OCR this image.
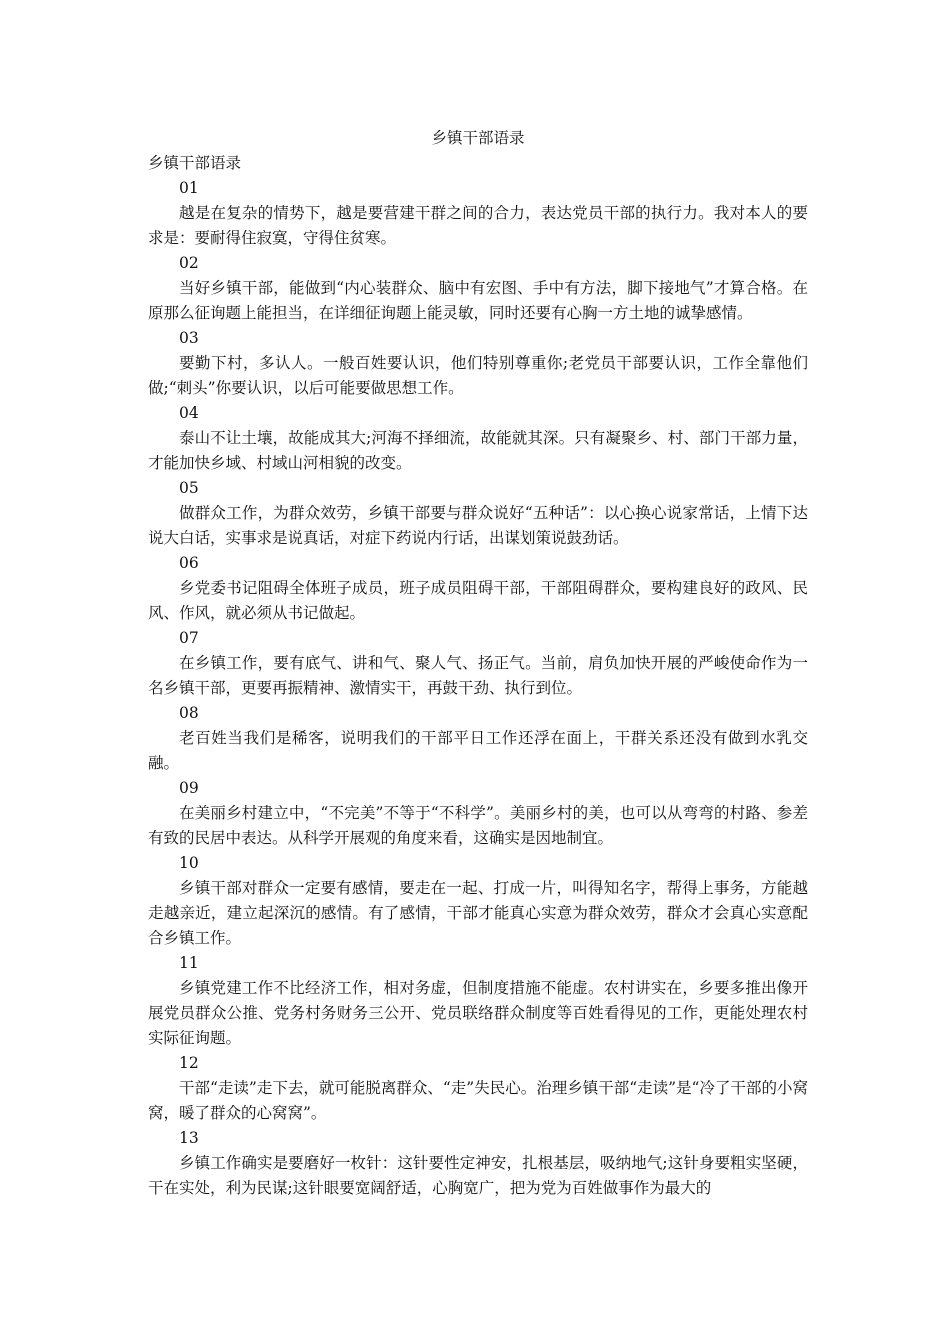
乡镇干部语录
乡镇干部语录
01

越是在复杂的情势下，越是要营建干群之间的合力，表达党员干部的执行力。我对本人的要求是：要耐得住寂寞，守得住贫寒。

02

当好乡镇干部，能做到“内心装群众、脑中有宏图、手中有方法，脚下接地气”才算合格。在原那么征询题上能担当，在详细征询题上能灵敏，同时还要有心胸一方土地的诚挚感情。

03

要勤下村，多认人。一般百姓要认识，他们特别尊重你;老党员干部要认识，工作全靠他们做;“刺头”你要认识，以后可能要做思想工作。

04

泰山不让土壤，故能成其大;河海不择细流，故能就其深。只有凝聚乡、村、部门干部力量，才能加快乡域、村域山河相貌的改变。

05

做群众工作，为群众效劳，乡镇干部要与群众说好“五种话”：以心换心说家常话，上情下达说大白话，实事求是说真话，对症下药说内行话，出谋划策说鼓劲话。

06

乡党委书记阻碍全体班子成员，班子成员阻碍干部，干部阻碍群众，要构建良好的政风、民风、作风，就必须从书记做起。

07

在乡镇工作，要有底气、讲和气、聚人气、扬正气。当前，肩负加快开展的严峻使命作为一名乡镇干部，更要再振精神、激情实干，再鼓干劲、执行到位。

08

老百姓当我们是稀客，说明我们的干部平日工作还浮在面上，干群关系还没有做到水乳交融。

09

在美丽乡村建立中，“不完美”不等于“不科学”。美丽乡村的美，也可以从弯弯的村路、参差有致的民居中表达。从科学开展观的角度来看，这确实是因地制宜。

10

乡镇干部对群众一定要有感情，要走在一起、打成一片，叫得知名字，帮得上事务，方能越走越亲近，建立起深沉的感情。有了感情，干部才能真心实意为群众效劳，群众才会真心实意配合乡镇工作。

11

乡镇党建工作不比经济工作，相对务虚，但制度措施不能虚。农村讲实在，乡要多推出像开展党员群众公推、党务村务财务三公开、党员联络群众制度等百姓看得见的工作，更能处理农村实际征询题。

12

干部“走读”走下去，就可能脱离群众、“走”失民心。治理乡镇干部“走读”是“冷了干部的小窝窝，暖了群众的心窝窝”。

13

乡镇工作确实是要磨好一枚针：这针要性定神安，扎根基层，吸纳地气;这针身要粗实坚硬，干在实处，利为民谋;这针眼要宽阔舒适，心胸宽广，把为党为百姓做事作为最大的
